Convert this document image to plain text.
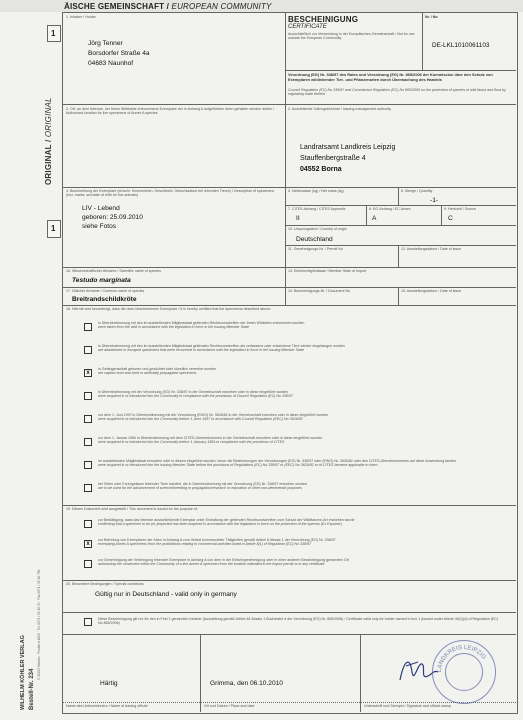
ÄISCHE GEMEINSCHAFT / EUROPEAN COMMUNITY
ORIGINAL / ORIGINAL
1
1
WILHELM KÖHLER VERLAG Bestell-Nr. 234
© 32423 Minden · Postfach 1829 · Tel. 0571 / 95 10 70 · Fax 0571 / 95 10 789
1. Inhaber / Holder
Jörg Tenner
Borsdorfer Straße 4a
04683 Naunhof
BESCHEINIGUNG
CERTIFICATE
Ausschließlich zur Verwendung in der Europäischen Gemeinschaft / Not for use outside the European Community
Nr. / No
DE-LKL1010061103
Verordnung (EG) Nr. 338/97 des Rates und Verordnung (EG) Nr. 865/2006 der Kommission über den Schutz von Exemplaren wildlebender Tier- und Pflanzenarten durch Überwachung des Handels
Council Regulation (EC) No 338/97 and Commission Regulation (EC) No 865/2006 on the protection of species of wild fauna and flora by regulating trade therein
2. Ort, an dem lebende, der freien Weitkahle entnommene Exemplare der in Anhang A aufgeführten Arten gehalten werden dürfen / Authorized location for live specimens of Annex A species
3. Ausstellende Vollzugsbehörde / Issuing management authority
Landratsamt Landkreis Leipzig
Stauffenbergstraße 4
04552 Borna
4. Beschreibung der Exemplare (einschl. Kennzeichen, Geschlecht, Geburtsdatum bei lebenden Tieren) / Description of specimens (incl. marks, sex/date of birth for live animals)
LIV - Lebend
geboren: 25.09.2010
siehe Fotos
5. Nettomasse (kg) / Net mass (kg)	6. Menge / Quantity
-1-
7. CITES-Anhang / CITES Appendix	8. EG-Anhang / EC Annex	9. Herkunft / Source
II	A	C
10. Ursprungsland / Country of origin
Deutschland
11. Genehmigungs-Nr. / Permit No	12. Ausstellungsdatum / Date of issue
16. Wissenschaftlicher Artname / Scientific name of species
Testudo marginata
13. Einfuhrmitgliedstaat / Member State of import
17. Üblicher Artname / Common name of species
Breitrandschildkröte
14. Bescheinigungs-Nr. / Document No	15. Ausstellungsdatum / Date of issue
18. Hiermit wird bescheinigt, dass die oben beschriebenen Exemplare / It is hereby certified that the specimens described above:
in Übereinstimmung mit den im ausstellenden Mitgliedstaat geltenden Rechtsvorschriften der freien Wildbahn entnommen wurden
were taken from the wild in accordance with the legislation in force in the issuing Member State
in Übereinstimmung mit den im ausstellenden Mitgliedstaat geltenden Rechtsvorschriften als verlassene oder entwichene Tiere wieder eingefangen wurden
are abandoned or escaped specimens that were recovered in accordance with the legislation in force in the issuing Member State
x
in Gefangenschaft geboren und gezüchtet oder künstlich vermehrt wurden
are captive born and bred or artificially propagated specimens
in Übereinstimmung mit der Verordnung (EG) Nr. 338/97 in der Gemeinschaft erworben oder in diese eingeführt wurden
were acquired in or introduced into the Community in compliance with the provisions of Council Regulation (EC) No 338/97
vor dem 1. Juni 1997 in Übereinstimmung mit der Verordnung (EWG) Nr. 3626/82 in der Gemeinschaft erworben oder in diese eingeführt wurden
were acquired in or introduced into the Community before 1 June 1997 in accordance with Council Regulation (EEC) No 3626/82
vor dem 1. Januar 1984 in Übereinstimmung mit dem CITES-Übereinkommen in der Gemeinschaft erworben oder in diese eingeführt wurden
were acquired in or introduced into the Community before 1 January 1984 in compliance with the provisions of CITES
im ausstellenden Mitgliedstaat erworben oder in diesen eingeführt wurden, bevor die Bestimmungen der Verordnungen (EG) Nr. 338/97 oder (EWG) Nr. 3626/82 oder des CITES-Übereinkommens auf diese Anwendung fanden
were acquired in or introduced into the issuing Member State before the provisions of Regulations (EC) No 338/97 or (EEC) No 3626/82 or of CITES became applicable to them
bei Teilen oder Erzeugnissen lebender Tiere handelt, die in Übereinstimmung mit der Verordnung (EG) Nr. 338/97 erworben wurden
are to be used for the advancement of science/breeding or propagation/research or education or other non-detrimental purposes
19. Dieses Dokument wird ausgestellt / This document is issued for the purpose of:
zur Bestätigung, dass das lebende ausschließende Exemplar unter Einhaltung der geltenden Rechtsvorschriften zum Schutz der Wildflanzen-Art erworben wurde
confirming that a specimen to be (re-)exported has been acquired in accordance with the legislation in force on the protection of the species (Ex Exporter)
x
zur Befreiung von Exemplaren der Arten in Anhang A vom Verbot kommerzieller Tätigkeiten gemäß Artikel 8 Absatz 1 der Verordnung (EG) Nr. 338/97
exempting Annex A specimens from the prohibitions relating to commercial activities listed in Article 8(1) of Regulation (EC) No 338/97
zur Genehmigung der Verbringung lebender Exemplare in Anhang A von dem in der Einfuhrgenehmigung oder in einer anderen Bescheinigung genannten Ort
authorizing the movement within the Community of a live Annex A specimen from the location indicated in the import permit or in any certificate
20. Besondere Bedingungen / Special conditions
Gültig nur in Deutschland - valid only in germany
Diese Bescheinigung gilt nur für den in Feld 1 genannten Inhaber (Ausstellung gemäß Artikel 48 Absatz 1 Buchstabe d der Verordnung (EG) Nr. 865/2006) / Certificate valid only for holder named in box 1 (issued under Article 48(1)(d) of Regulation (EC) No 865/2006)
Härtig	Grimma, den 06.10.2010
Name des Unterzeichners / Name of issuing official	Ort und Datum / Place and date	Unterschrift und Stempel / Signature and official stamp
LANDKREIS LEIPZIG
